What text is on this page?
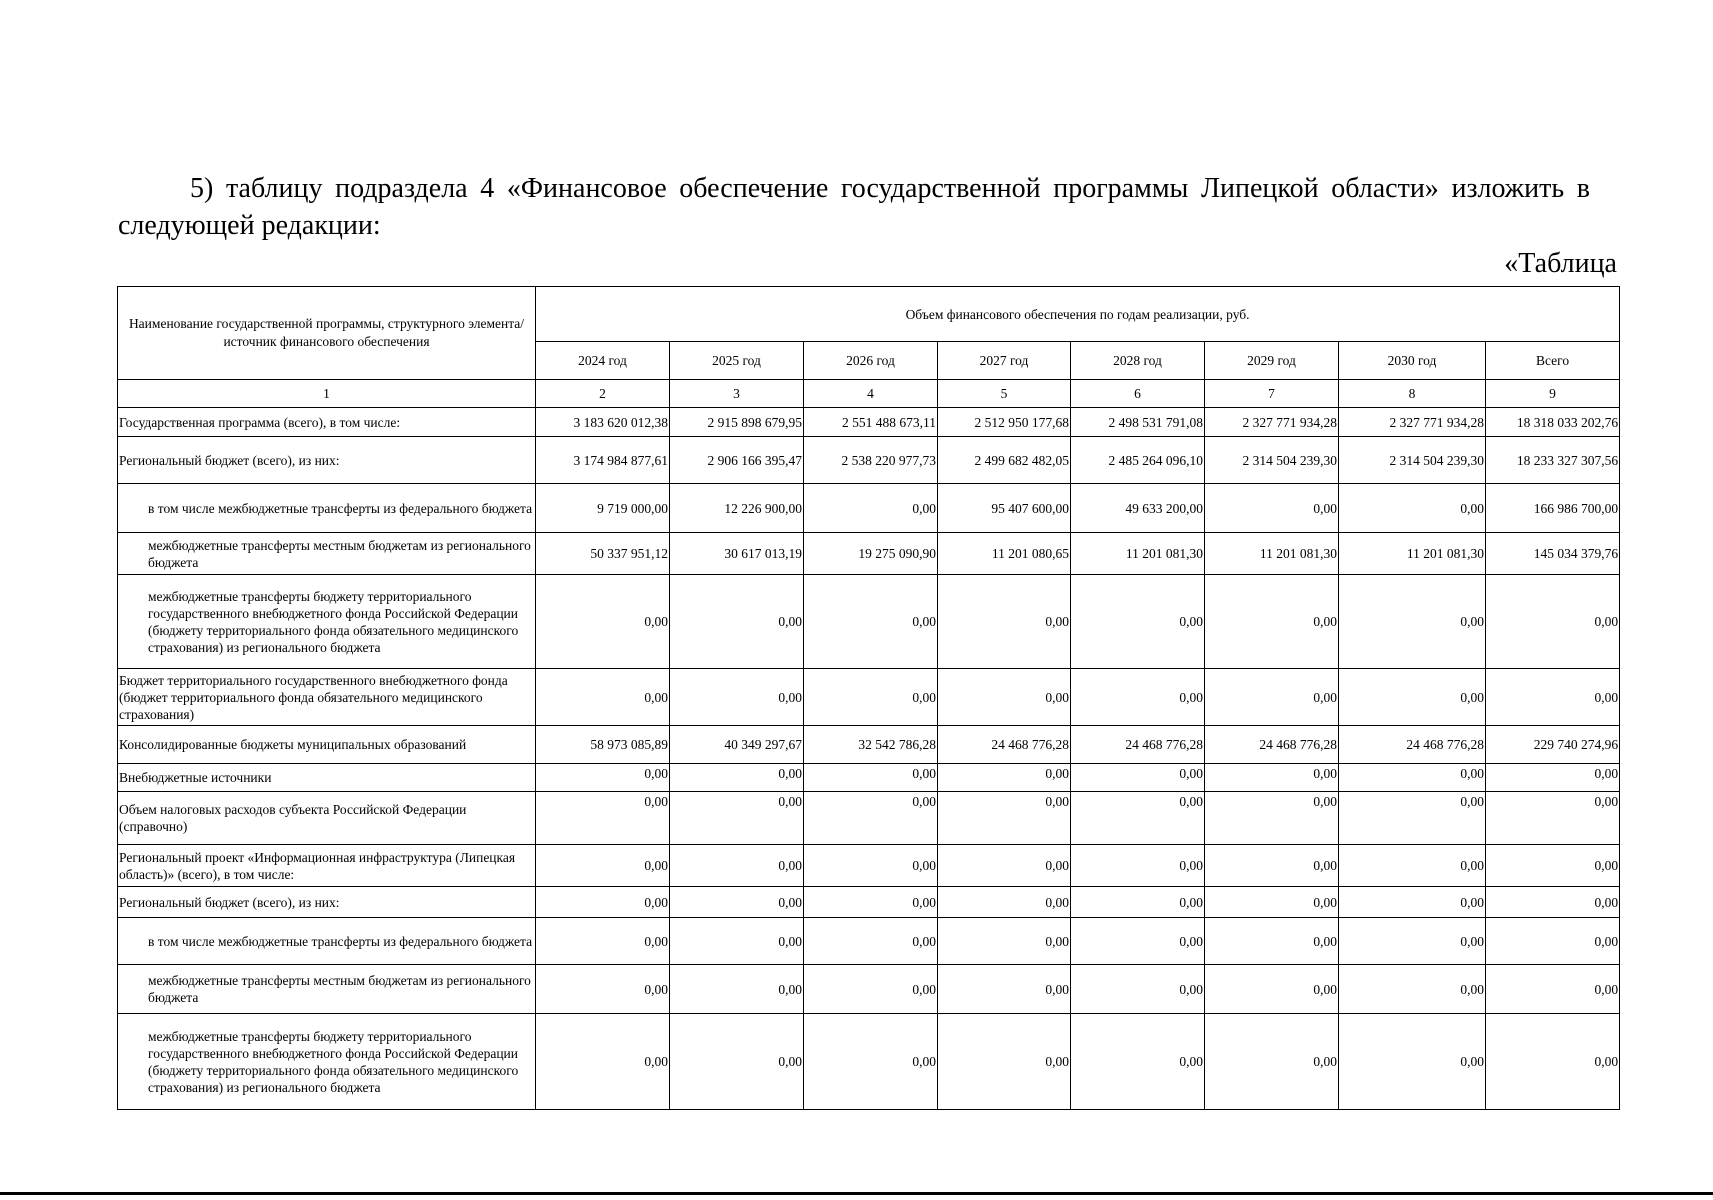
5) таблицу подраздела 4 «Финансовое обеспечение государственной программы Липецкой области» изложить в следующей редакции:
«Таблица
Наименование государственной программы, структурного элемента/источник финансового обеспечения	Объем финансового обеспечения по годам реализации, руб.							
	2024 год	2025 год	2026 год	2027 год	2028 год	2029 год	2030 год	Всего
1	2	3	4	5	6	7	8	9
Государственная программа (всего), в том числе:	3 183 620 012,38	2 915 898 679,95	2 551 488 673,11	2 512 950 177,68	2 498 531 791,08	2 327 771 934,28	2 327 771 934,28	18 318 033 202,76
Региональный бюджет (всего), из них:	3 174 984 877,61	2 906 166 395,47	2 538 220 977,73	2 499 682 482,05	2 485 264 096,10	2 314 504 239,30	2 314 504 239,30	18 233 327 307,56
в том числе межбюджетные трансферты из федерального бюджета	9 719 000,00	12 226 900,00	0,00	95 407 600,00	49 633 200,00	0,00	0,00	166 986 700,00
межбюджетные трансферты местным бюджетам из регионального бюджета	50 337 951,12	30 617 013,19	19 275 090,90	11 201 080,65	11 201 081,30	11 201 081,30	11 201 081,30	145 034 379,76
межбюджетные трансферты бюджету территориального государственного внебюджетного фонда Российской Федерации (бюджету территориального фонда обязательного медицинского страхования) из регионального бюджета	0,00	0,00	0,00	0,00	0,00	0,00	0,00	0,00
Бюджет территориального государственного внебюджетного фонда (бюджет территориального фонда обязательного медицинского страхования)	0,00	0,00	0,00	0,00	0,00	0,00	0,00	0,00
Консолидированные бюджеты муниципальных образований	58 973 085,89	40 349 297,67	32 542 786,28	24 468 776,28	24 468 776,28	24 468 776,28	24 468 776,28	229 740 274,96
Внебюджетные источники	0,00	0,00	0,00	0,00	0,00	0,00	0,00	0,00
Объем налоговых расходов субъекта Российской Федерации (справочно)	0,00	0,00	0,00	0,00	0,00	0,00	0,00	0,00
Региональный проект «Информационная инфраструктура (Липецкая область)» (всего), в том числе:	0,00	0,00	0,00	0,00	0,00	0,00	0,00	0,00
Региональный бюджет (всего), из них:	0,00	0,00	0,00	0,00	0,00	0,00	0,00	0,00
в том числе межбюджетные трансферты из федерального бюджета	0,00	0,00	0,00	0,00	0,00	0,00	0,00	0,00
межбюджетные трансферты местным бюджетам из регионального бюджета	0,00	0,00	0,00	0,00	0,00	0,00	0,00	0,00
межбюджетные трансферты бюджету территориального государственного внебюджетного фонда Российской Федерации (бюджету территориального фонда обязательного медицинского страхования) из регионального бюджета	0,00	0,00	0,00	0,00	0,00	0,00	0,00	0,00
